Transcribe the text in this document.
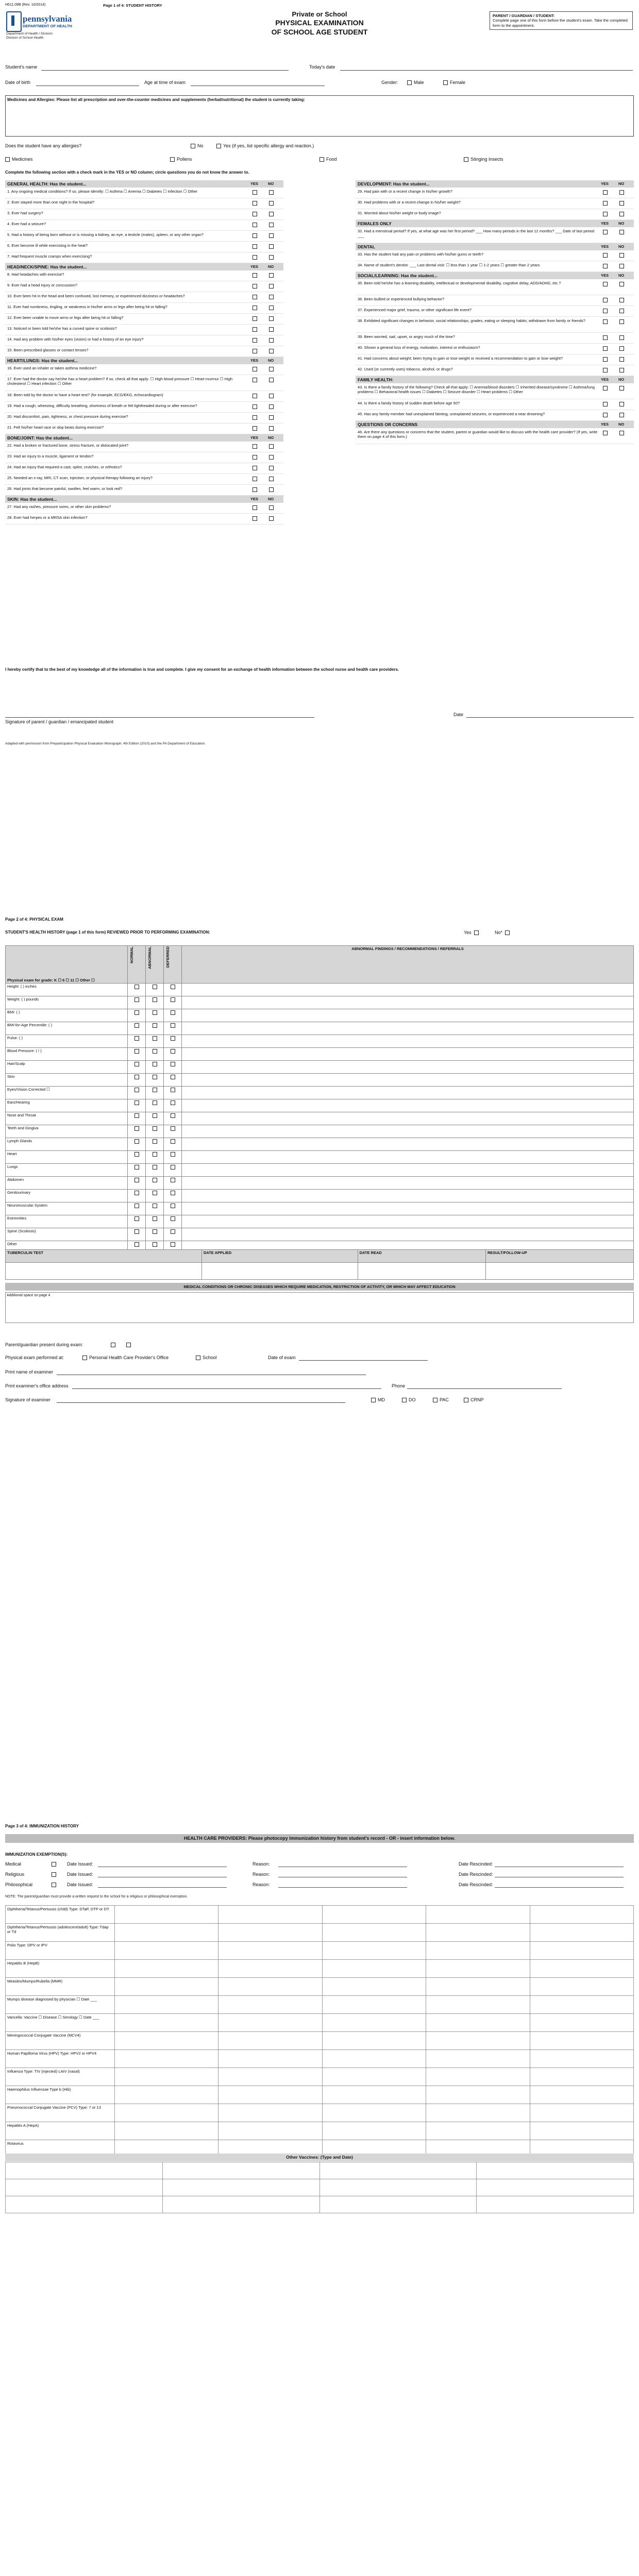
H511.09B (Rev. 10/2014)	Page 1 of 4: STUDENT HISTORY
pennsylvania
DEPARTMENT OF HEALTH
Department of Health / Division
Division of School Health
Private or School
PHYSICAL EXAMINATION
OF SCHOOL AGE STUDENT
PARENT / GUARDIAN / STUDENT:
Complete page one of this form before the student's exam. Take the completed form to the appointment.
Student's name	Today's date
Date of birth	Age at time of exam	Gender:	Male	Female
Medicines and Allergies: Please list all prescription and over-the-counter medicines and supplements (herbal/nutritional) the student is currently taking:
Does the student have any allergies?	No	Yes (if yes, list specific allergy and reaction.)
Medicines	Pollens	Food	Stinging Insects
Complete the following section with a check mark in the YES or NO column; circle questions you do not know the answer to.
GENERAL HEALTH: Has the student...	YES	NO
1. Any ongoing medical conditions? If so, please identify: ☐ Asthma ☐ Anemia ☐ Diabetes ☐ Infection ☐ Other
2. Ever stayed more than one night in the hospital?
3. Ever had surgery?
4. Ever had a seizure?
5. Had a history of being born without or is missing a kidney, an eye, a testicle (males), spleen, or any other organ?
6. Ever become ill while exercising in the heat?
7. Had frequent muscle cramps when exercising?
HEAD/NECK/SPINE: Has the student...	YES	NO
8. Had headaches with exercise?
9. Ever had a head injury or concussion?
10. Ever been hit in the head and been confused, lost memory, or experienced dizziness or headaches?
11. Ever had numbness, tingling, or weakness in his/her arms or legs after being hit or falling?
12. Ever been unable to move arms or legs after being hit or falling?
13. Noticed or been told he/she has a curved spine or scoliosis?
14. Had any problem with his/her eyes (vision) or had a history of an eye injury?
15. Been prescribed glasses or contact lenses?
HEART/LUNGS: Has the student...	YES	NO
16. Ever used an inhaler or taken asthma medicine?
17. Ever had the doctor say he/she has a heart problem? If so, check all that apply: ☐ High blood pressure ☐ Heart murmur ☐ High cholesterol ☐ Heart infection ☐ Other
18. Been told by the doctor to have a heart test? (for example, ECG/EKG, echocardiogram)
19. Had a cough, wheezing, difficulty breathing, shortness of breath or felt lightheaded during or after exercise?
20. Had discomfort, pain, tightness, or chest pressure during exercise?
21. Felt his/her heart race or skip beats during exercise?
BONE/JOINT: Has the student...	YES	NO
22. Had a broken or fractured bone, stress fracture, or dislocated joint?
23. Had an injury to a muscle, ligament or tendon?
24. Had an injury that required a cast, splint, crutches, or orthotics?
25. Needed an x-ray, MRI, CT scan, injection, or physical therapy following an injury?
26. Had joints that become painful, swollen, feel warm, or look red?
SKIN: Has the student...	YES	NO
27. Had any rashes, pressure sores, or other skin problems?
28. Ever had herpes or a MRSA skin infection?
DEVELOPMENT: Has the student...	YES	NO
29. Had pain with or a recent change in his/her growth?
30. Had problems with or a recent change in his/her weight?
31. Worried about his/her weight or body image?
FEMALES ONLY	YES	NO
32. Had a menstrual period? If yes, at what age was her first period? ___ How many periods in the last 12 months? ___ Date of last period ___
DENTAL	YES	NO
33. Has the student had any pain or problems with his/her gums or teeth?
34. Name of student's dentist: ___ Last dental visit: ☐ less than 1 year ☐ 1-2 years ☐ greater than 2 years
SOCIAL/LEARNING: Has the student...	YES	NO
35. Been told he/she has a learning disability, intellectual or developmental disability, cognitive delay, ADD/ADHD, etc.?
36. Been bullied or experienced bullying behavior?
37. Experienced major grief, trauma, or other significant life event?
38. Exhibited significant changes in behavior, social relationships, grades, eating or sleeping habits; withdrawn from family or friends?
39. Been worried, sad, upset, or angry much of the time?
40. Shown a general loss of energy, motivation, interest or enthusiasm?
41. Had concerns about weight; been trying to gain or lose weight or received a recommendation to gain or lose weight?
42. Used (or currently uses) tobacco, alcohol, or drugs?
FAMILY HEALTH:	YES	NO
43. Is there a family history of the following? Check all that apply: ☐ Anemia/blood disorders ☐ Inherited disease/syndrome ☐ Asthma/lung problems ☐ Behavioral health issues ☐ Diabetes ☐ Seizure disorder ☐ Heart problems ☐ Other
44. Is there a family history of sudden death before age 50?
45. Has any family member had unexplained fainting, unexplained seizures, or experienced a near drowning?
QUESTIONS OR CONCERNS	YES	NO
46. Are there any questions or concerns that the student, parent or guardian would like to discuss with the health care provider? (If yes, write them on page 4 of this form.)
I hereby certify that to the best of my knowledge all of the information is true and complete. I give my consent for an exchange of health information between the school nurse and health care providers.
Signature of parent / guardian / emancipated student
Date
Adapted with permission from Preparticipation Physical Evaluation Monograph, 4th Edition (2010) and the PA Department of Education.
Page 2 of 4: PHYSICAL EXAM
STUDENT'S HEALTH HISTORY (page 1 of this form) REVIEWED PRIOR TO PERFORMING EXAMINATION:	Yes	No*
Physical exam for grade: K ☐ 6 ☐ 11 ☐ Other ☐	NORMAL	ABNORMAL	DEFERRED	ABNORMAL FINDINGS / RECOMMENDATIONS / REFERRALS
Height: ( ) inches				
Weight: ( ) pounds				
BMI: ( )				
BMI-for-Age Percentile: ( )				
Pulse: ( )				
Blood Pressure: ( / )				
Hair/Scalp				
Skin				
Eyes/Vision Corrected ☐				
Ears/Hearing				
Nose and Throat				
Teeth and Gingiva				
Lymph Glands				
Heart				
Lungs				
Abdomen				
Genitourinary				
Neuromuscular System				
Extremities				
Spine (Scoliosis)				
Other				
TUBERCULIN TEST	DATE APPLIED	DATE READ	RESULT/FOLLOW-UP

MEDICAL CONDITIONS OR CHRONIC DISEASES WHICH REQUIRE MEDICATION, RESTRICTION OF ACTIVITY, OR WHICH MAY AFFECT EDUCATION
Additional space on page 4
Parent/guardian present during exam:
Physical exam performed at:	Personal Health Care Provider's Office	School	Date of exam
Print name of examiner
Print examiner's office address	Phone
Signature of examiner	MD	DO	PAC	CRNP
Page 3 of 4: IMMUNIZATION HISTORY
HEALTH CARE PROVIDERS: Please photocopy immunization history from student's record - OR - insert information below.
IMMUNIZATION EXEMPTION(S):
Medical	Date Issued:	Reason:	Date Rescinded:
Religious	Date Issued:	Reason:	Date Rescinded:
Philosophical	Date Issued:	Reason:	Date Rescinded:
NOTE: The parent/guardian must provide a written request to the school for a religious or philosophical exemption.
Diphtheria/Tetanus/Pertussis (child) Type: DTaP, DTP or DT					
Diphtheria/Tetanus/Pertussis (adolescent/adult) Type: Tdap or Td					
Polio Type: OPV or IPV					
Hepatitis B (HepB)					
Measles/Mumps/Rubella (MMR)					
Mumps disease diagnosed by physician ☐ Date ___					
Varicella: Vaccine ☐ Disease ☐ Serology ☐ Date ___					
Meningococcal Conjugate Vaccine (MCV4)					
Human Papilloma Virus (HPV) Type: HPV2 or HPV4					
Influenza Type: TIV (injected) LAIV (nasal)					
Haemophilus Influenzae Type b (Hib)					
Pneumococcal Conjugate Vaccine (PCV) Type: 7 or 13					
Hepatitis A (HepA)					
Rotavirus					
Other Vaccines: (Type and Date)
